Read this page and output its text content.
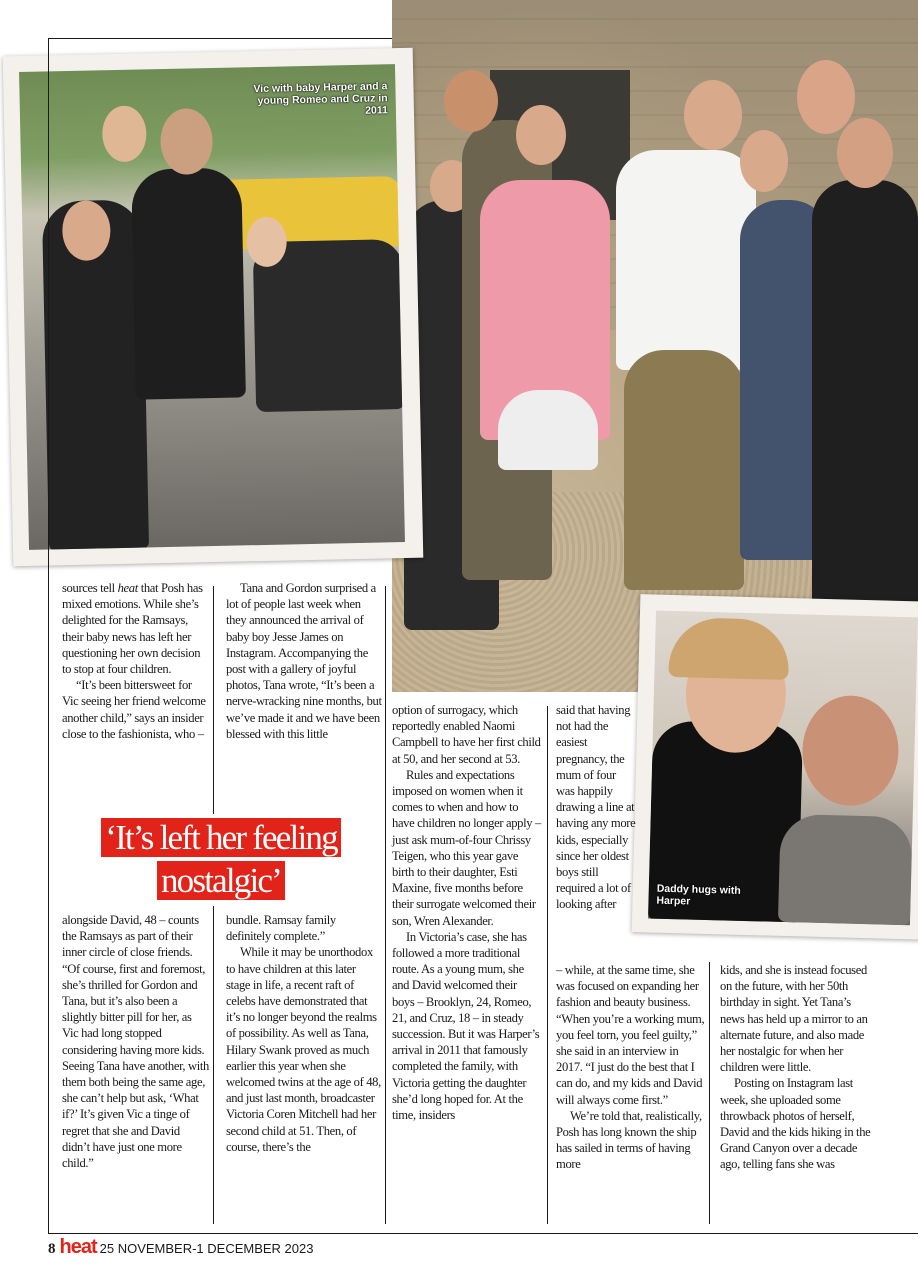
Vic with baby Harper and a young Romeo and Cruz in 2011
Daddy hugs with Harper

sources tell heat that Posh has mixed emotions. While she’s delighted for the Ramsays, their baby news has left her questioning her own decision to stop at four children.

“It’s been bittersweet for Vic seeing her friend welcome another child,” says an insider close to the fashionista, who –

Tana and Gordon surprised a lot of people last week when they announced the arrival of baby boy Jesse James on Instagram. Accompanying the post with a gallery of joyful photos, Tana wrote, “It’s been a nerve-wracking nine months, but we’ve made it and we have been blessed with this little

‘It’s left her feeling nostalgic’

alongside David, 48 – counts the Ramsays as part of their inner circle of close friends. “Of course, first and foremost, she’s thrilled for Gordon and Tana, but it’s also been a slightly bitter pill for her, as Vic had long stopped considering having more kids. Seeing Tana have another, with them both being the same age, she can’t help but ask, ‘What if?’ It’s given Vic a tinge of regret that she and David didn’t have just one more child.”

bundle. Ramsay family definitely complete.”

While it may be unorthodox to have children at this later stage in life, a recent raft of celebs have demonstrated that it’s no longer beyond the realms of possibility. As well as Tana, Hilary Swank proved as much earlier this year when she welcomed twins at the age of 48, and just last month, broadcaster Victoria Coren Mitchell had her second child at 51. Then, of course, there’s the

option of surrogacy, which reportedly enabled Naomi Campbell to have her first child at 50, and her second at 53.

Rules and expectations imposed on women when it comes to when and how to have children no longer apply – just ask mum-of-four Chrissy Teigen, who this year gave birth to their daughter, Esti Maxine, five months before their surrogate welcomed their son, Wren Alexander.

In Victoria’s case, she has followed a more traditional route. As a young mum, she and David welcomed their boys – Brooklyn, 24, Romeo, 21, and Cruz, 18 – in steady succession. But it was Harper’s arrival in 2011 that famously completed the family, with Victoria getting the daughter she’d long hoped for. At the time, insiders

said that having not had the easiest pregnancy, the mum of four was happily drawing a line at having any more kids, especially since her oldest boys still required a lot of looking after

– while, at the same time, she was focused on expanding her fashion and beauty business. “When you’re a working mum, you feel torn, you feel guilty,” she said in an interview in 2017. “I just do the best that I can do, and my kids and David will always come first.”

We’re told that, realistically, Posh has long known the ship has sailed in terms of having more

kids, and she is instead focused on the future, with her 50th birthday in sight. Yet Tana’s news has held up a mirror to an alternate future, and also made her nostalgic for when her children were little.

Posting on Instagram last week, she uploaded some throwback photos of herself, David and the kids hiking in the Grand Canyon over a decade ago, telling fans she was

8 heat 25 NOVEMBER-1 DECEMBER 2023
